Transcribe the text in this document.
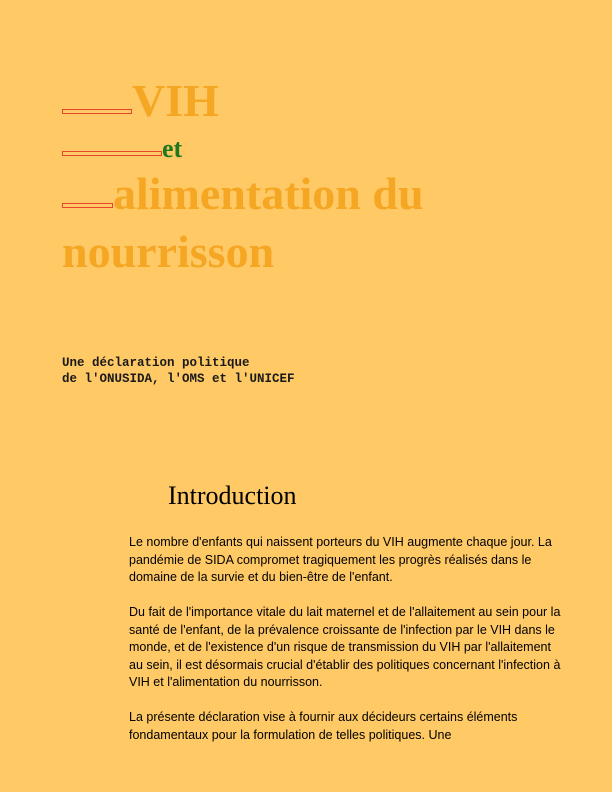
VIH
et
alimentation du
nourrisson
Une déclaration politique
de l'ONUSIDA, l'OMS et l'UNICEF
Introduction

Le nombre d'enfants qui naissent porteurs du VIH augmente chaque jour. La pandémie de SIDA compromet tragiquement les progrès réalisés dans le domaine de la survie et du bien-être de l'enfant.

Du fait de l'importance vitale du lait maternel et de l'allaitement au sein pour la santé de l'enfant, de la prévalence croissante de l'infection par le VIH dans le monde, et de l'existence d'un risque de transmission du VIH par l'allaitement au sein, il est désormais crucial d'établir des politiques concernant l'infection à VIH et l'alimentation du nourrisson.

La présente déclaration vise à fournir aux décideurs certains éléments fondamentaux pour la formulation de telles politiques. Une
